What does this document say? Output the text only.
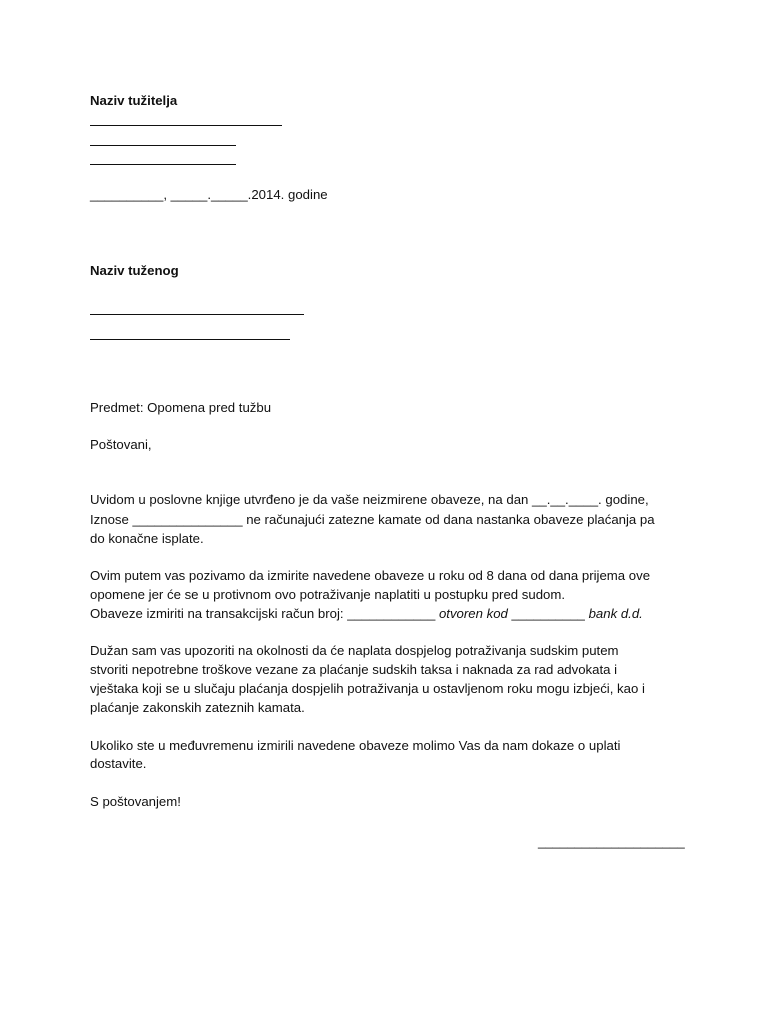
Naziv tužitelja
__________, _____._____.2014. godine
Naziv tuženog
Predmet: Opomena pred tužbu
Poštovani,
Uvidom u poslovne knjige utvrđeno je da vaše neizmirene obaveze, na dan __.__.____. godine,
Iznose _______________ ne računajući zatezne kamate od dana nastanka obaveze plaćanja pa
do konačne isplate.
Ovim putem vas pozivamo da izmirite navedene obaveze u roku od 8 dana od dana prijema ove
opomene jer će se u protivnom ovo potraživanje naplatiti u postupku pred sudom.
Obaveze izmiriti na transakcijski račun broj: ____________ otvoren kod __________ bank d.d.
Dužan sam vas upozoriti na okolnosti da će naplata dospjelog potraživanja sudskim putem
stvoriti nepotrebne troškove vezane za plaćanje sudskih taksa i naknada za rad advokata i
vještaka koji se u slučaju plaćanja dospjelih potraživanja u ostavljenom roku mogu izbjeći, kao i
plaćanje zakonskih zateznih kamata.
Ukoliko ste u međuvremenu izmirili navedene obaveze molimo Vas da nam dokaze o uplati
dostavite.
S poštovanjem!
____________________
